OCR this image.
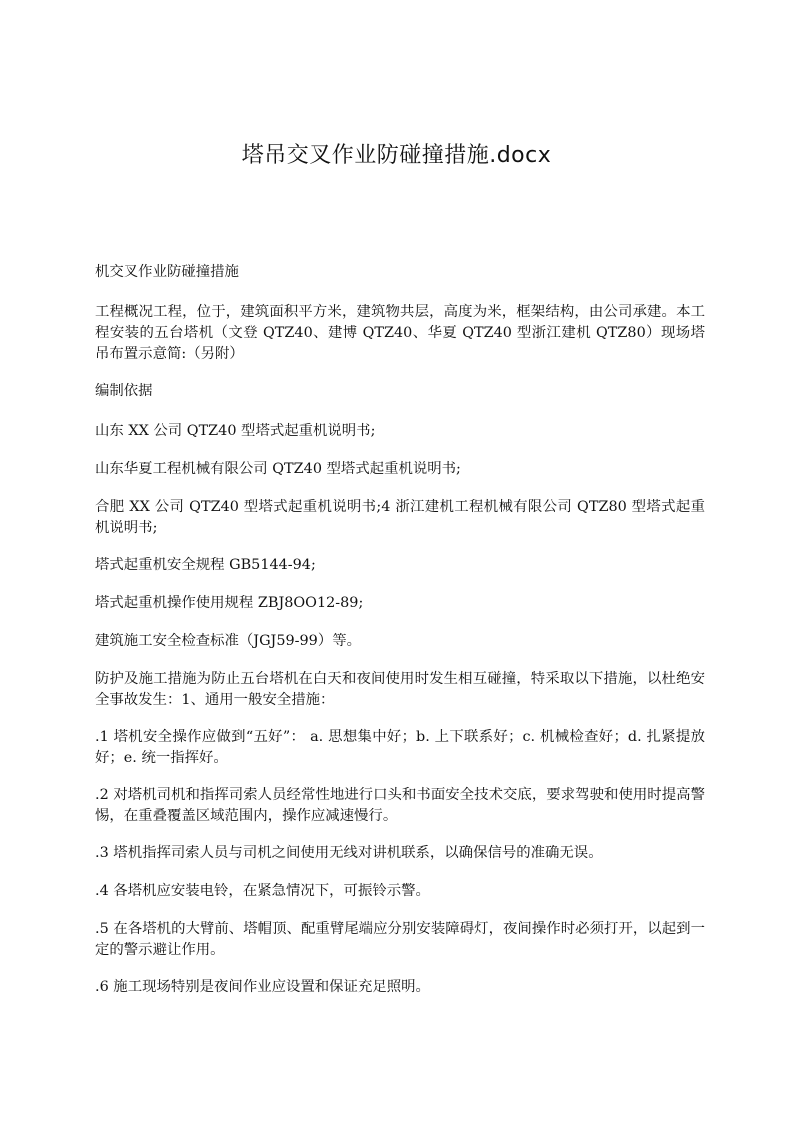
塔吊交叉作业防碰撞措施.docx

机交叉作业防碰撞措施

工程概况工程，位于，建筑面积平方米，建筑物共层，高度为米，框架结构，由公司承建。本工程安装的五台塔机（文登 QTZ40、建博 QTZ40、华夏 QTZ40 型浙江建机 QTZ80）现场塔吊布置示意简:（另附）

编制依据

山东 XX 公司 QTZ40 型塔式起重机说明书;

山东华夏工程机械有限公司 QTZ40 型塔式起重机说明书;

合肥 XX 公司 QTZ40 型塔式起重机说明书;4 浙江建机工程机械有限公司 QTZ80 型塔式起重机说明书;

塔式起重机安全规程 GB5144-94;

塔式起重机操作使用规程 ZBJ8OO12-89;

建筑施工安全检查标准（JGJ59-99）等。

防护及施工措施为防止五台塔机在白天和夜间使用时发生相互碰撞，特采取以下措施，以杜绝安全事故发生：1、通用一般安全措施：

.1 塔机安全操作应做到“五好”： a. 思想集中好；b. 上下联系好；c. 机械检查好；d. 扎紧提放好；e. 统一指挥好。

.2 对塔机司机和指挥司索人员经常性地进行口头和书面安全技术交底，要求驾驶和使用时提高警惕，在重叠覆盖区域范围内，操作应减速慢行。

.3 塔机指挥司索人员与司机之间使用无线对讲机联系，以确保信号的准确无误。

.4 各塔机应安装电铃，在紧急情况下，可振铃示警。

.5 在各塔机的大臂前、塔帽顶、配重臂尾端应分别安装障碍灯，夜间操作时必须打开，以起到一定的警示避让作用。

.6 施工现场特别是夜间作业应设置和保证充足照明。
